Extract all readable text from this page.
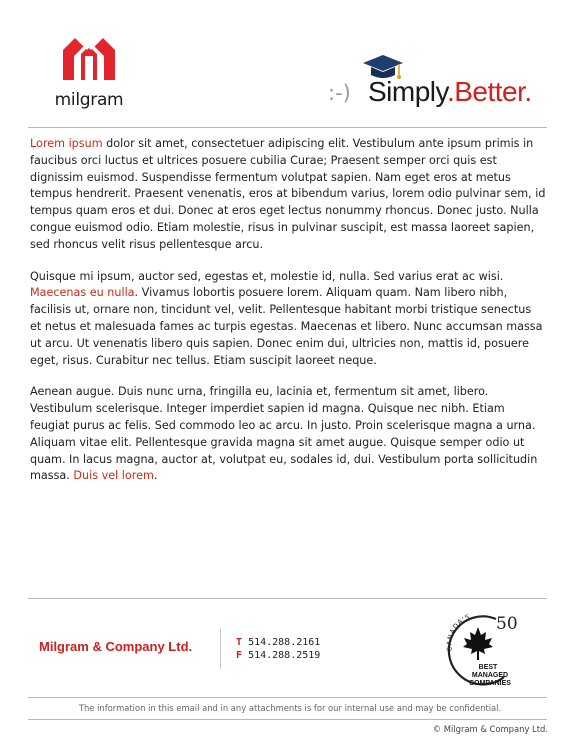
milgram	:-) Simply.Better.

Lorem ipsum dolor sit amet, consectetuer adipiscing elit. Vestibulum ante ipsum primis in faucibus orci luctus et ultrices posuere cubilia Curae; Praesent semper orci quis est dignissim euismod. Suspendisse fermentum volutpat sapien. Nam eget eros at metus tempus hendrerit. Praesent venenatis, eros at bibendum varius, lorem odio pulvinar sem, id tempus quam eros et dui. Donec at eros eget lectus nonummy rhoncus. Donec justo. Nulla congue euismod odio. Etiam molestie, risus in pulvinar suscipit, est massa laoreet sapien, sed rhoncus velit risus pellentesque arcu.

Quisque mi ipsum, auctor sed, egestas et, molestie id, nulla. Sed varius erat ac wisi. Maecenas eu nulla. Vivamus lobortis posuere lorem. Aliquam quam. Nam libero nibh, facilisis ut, ornare non, tincidunt vel, velit. Pellentesque habitant morbi tristique senectus et netus et malesuada fames ac turpis egestas. Maecenas et libero. Nunc accumsan massa ut arcu. Ut venenatis libero quis sapien. Donec enim dui, ultricies non, mattis id, posuere eget, risus. Curabitur nec tellus. Etiam suscipit laoreet neque.

Aenean augue. Duis nunc urna, fringilla eu, lacinia et, fermentum sit amet, libero. Vestibulum scelerisque. Integer imperdiet sapien id magna. Quisque nec nibh. Etiam feugiat purus ac felis. Sed commodo leo ac arcu. In justo. Proin scelerisque magna a urna. Aliquam vitae elit. Pellentesque gravida magna sit amet augue. Quisque semper odio ut quam. In lacus magna, auctor at, volutpat eu, sodales id, dui. Vestibulum porta sollicitudin massa. Duis vel lorem.

Milgram & Company Ltd.	T 514.288.2161
F 514.288.2519
50
CANADA'S
BEST
MANAGED
COMPANIES
The information in this email and in any attachments is for our internal use and may be confidential.
© Milgram & Company Ltd.
